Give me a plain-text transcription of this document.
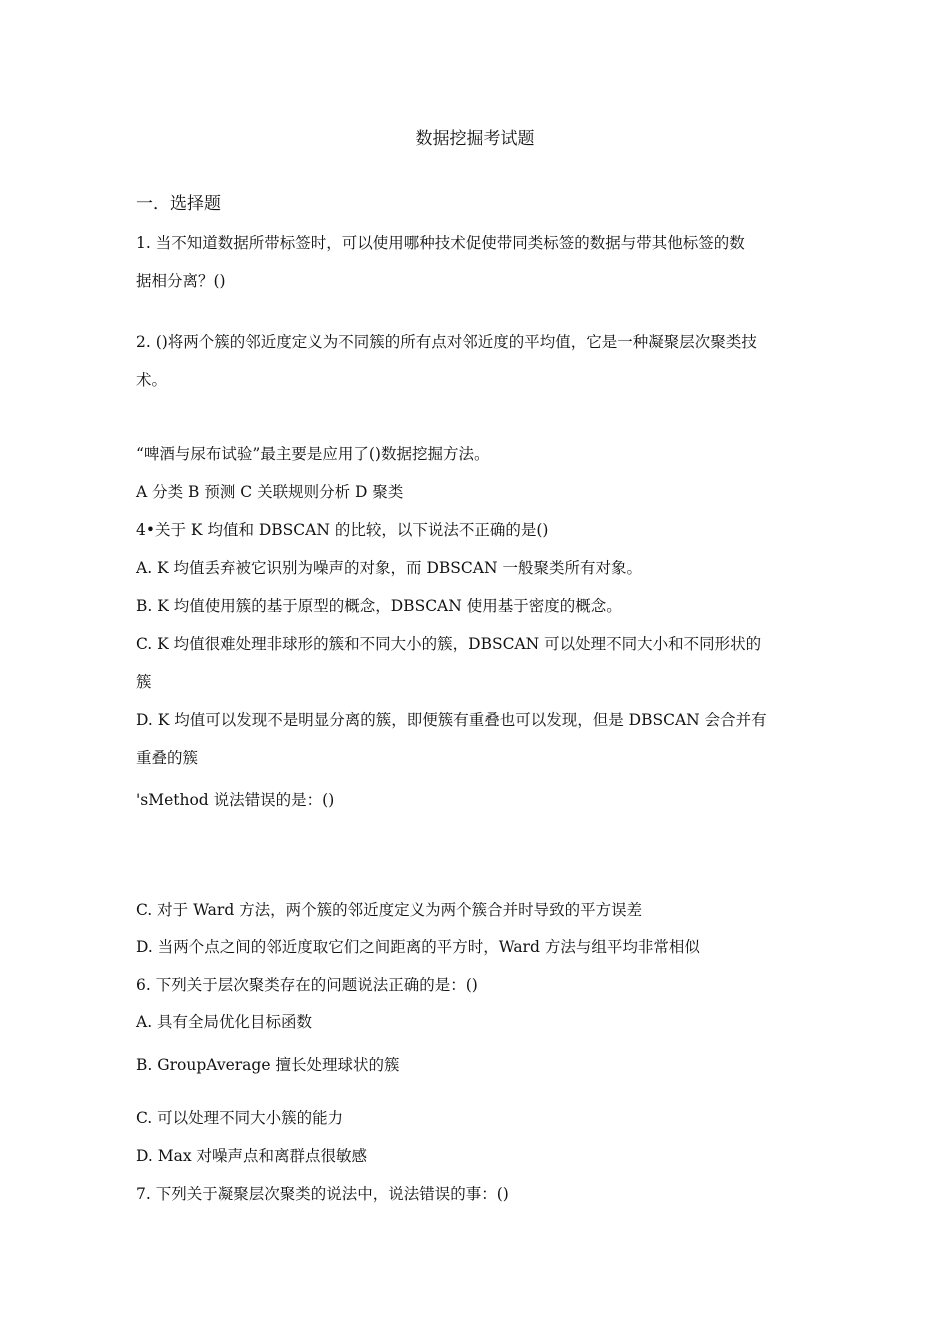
数据挖掘考试题
一．选择题
1. 当不知道数据所带标签时，可以使用哪种技术促使带同类标签的数据与带其他标签的数
据相分离？()
2. ()将两个簇的邻近度定义为不同簇的所有点对邻近度的平均值，它是一种凝聚层次聚类技
术。
“啤酒与尿布试验”最主要是应用了()数据挖掘方法。
A 分类 B 预测 C 关联规则分析 D 聚类
4•关于 K 均值和 DBSCAN 的比较，以下说法不正确的是()
A. K 均值丢弃被它识别为噪声的对象，而 DBSCAN 一般聚类所有对象。
B. K 均值使用簇的基于原型的概念，DBSCAN 使用基于密度的概念。
C. K 均值很难处理非球形的簇和不同大小的簇，DBSCAN 可以处理不同大小和不同形状的
簇
D. K 均值可以发现不是明显分离的簇，即便簇有重叠也可以发现，但是 DBSCAN 会合并有
重叠的簇
'sMethod 说法错误的是：()
C. 对于 Ward 方法，两个簇的邻近度定义为两个簇合并时导致的平方误差
D. 当两个点之间的邻近度取它们之间距离的平方时，Ward 方法与组平均非常相似
6. 下列关于层次聚类存在的问题说法正确的是：()
A. 具有全局优化目标函数
B. GroupAverage 擅长处理球状的簇
C. 可以处理不同大小簇的能力
D. Max 对噪声点和离群点很敏感
7. 下列关于凝聚层次聚类的说法中，说法错误的事：()
